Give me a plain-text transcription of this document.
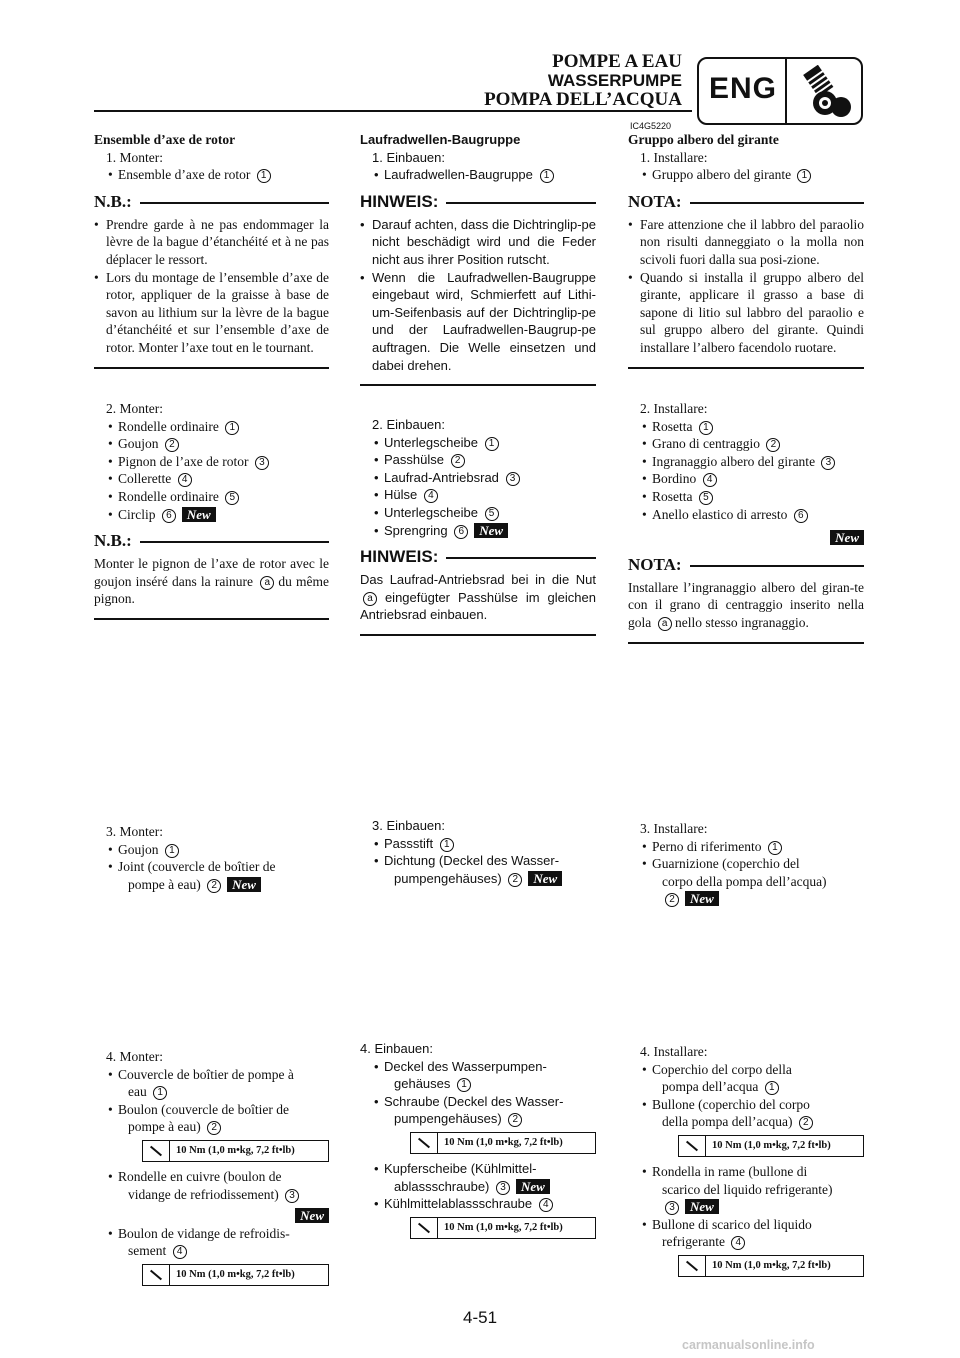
POMPE A EAU
WASSERPUMPE
POMPA DELL’ACQUA ENG
IC4G5220
Ensemble d’axe de rotor
1. Monter:
• Ensemble d’axe de rotor 1
N.B.:
• Prendre garde à ne pas endommager la lèvre de la bague d’étanchéité et à ne pas déplacer le ressort.
• Lors du montage de l’ensemble d’axe de rotor, appliquer de la graisse à base de savon au lithium sur la lèvre de la bague d’étanchéité et sur l’ensemble d’axe de rotor. Monter l’axe tout en le tournant.
2. Monter:
• Rondelle ordinaire 1
• Goujon 2
• Pignon de l’axe de rotor 3
• Collerette 4
• Rondelle ordinaire 5
• Circlip 6 New
N.B.:
Monter le pignon de l’axe de rotor avec le goujon inséré dans la rainure a du même pignon.
3. Monter:
• Goujon 1
• Joint (couvercle de boîtier de
pompe à eau) 2 New
4. Monter:
• Couvercle de boîtier de pompe à
eau 1
• Boulon (couvercle de boîtier de
pompe à eau) 2
10 Nm (1,0 m•kg, 7,2 ft•lb)
• Rondelle en cuivre (boulon de
vidange de refriodissement) 3
New
• Boulon de vidange de refroidis-
sement 4
10 Nm (1,0 m•kg, 7,2 ft•lb)
Laufradwellen-Baugruppe
1. Einbauen:
• Laufradwellen-Baugruppe 1
HINWEIS:
• Darauf achten, dass die Dichtringlip-pe nicht beschädigt wird und die Feder nicht aus ihrer Position rutscht.
• Wenn die Laufradwellen-Baugruppe eingebaut wird, Schmierfett auf Lithi-um-Seifenbasis auf der Dichtringlip-pe und der Laufradwellen-Baugrup-pe auftragen. Die Welle einsetzen und dabei drehen.
2. Einbauen:
• Unterlegscheibe 1
• Passhülse 2
• Laufrad-Antriebsrad 3
• Hülse 4
• Unterlegscheibe 5
• Sprengring 6 New
HINWEIS:
Das Laufrad-Antriebsrad bei in die Nut a eingefügter Passhülse im gleichen Antriebsrad einbauen.
3. Einbauen:
• Passstift 1
• Dichtung (Deckel des Wasser-
pumpengehäuses) 2 New
4. Einbauen:
• Deckel des Wasserpumpen-
gehäuses 1
• Schraube (Deckel des Wasser-
pumpengehäuses) 2
10 Nm (1,0 m•kg, 7,2 ft•lb)
• Kupferscheibe (Kühlmittel-
ablassschraube) 3 New
• Kühlmittelablassschraube 4
10 Nm (1,0 m•kg, 7,2 ft•lb)
Gruppo albero del girante
1. Installare:
• Gruppo albero del girante 1
NOTA:
• Fare attenzione che il labbro del paraolio non risulti danneggiato o la molla non scivoli fuori dalla sua posi-zione.
• Quando si installa il gruppo albero del girante, applicare il grasso a base di sapone di litio sul labbro del paraolio e sul gruppo albero del girante. Quindi installare l’albero facendolo ruotare.
2. Installare:
• Rosetta 1
• Grano di centraggio 2
• Ingranaggio albero del girante 3
• Bordino 4
• Rosetta 5
• Anello elastico di arresto 6
New
NOTA:
Installare l’ingranaggio albero del giran-te con il grano di centraggio inserito nella gola a nello stesso ingranaggio.
3. Installare:
• Perno di riferimento 1
• Guarnizione (coperchio del
corpo della pompa dell’acqua)
2 New
4. Installare:
• Coperchio del corpo della
pompa dell’acqua 1
• Bullone (coperchio del corpo
della pompa dell’acqua) 2
10 Nm (1,0 m•kg, 7,2 ft•lb)
• Rondella in rame (bullone di
scarico del liquido refrigerante)
3 New
• Bullone di scarico del liquido
refrigerante 4
10 Nm (1,0 m•kg, 7,2 ft•lb)
4-51
carmanualsonline.info
